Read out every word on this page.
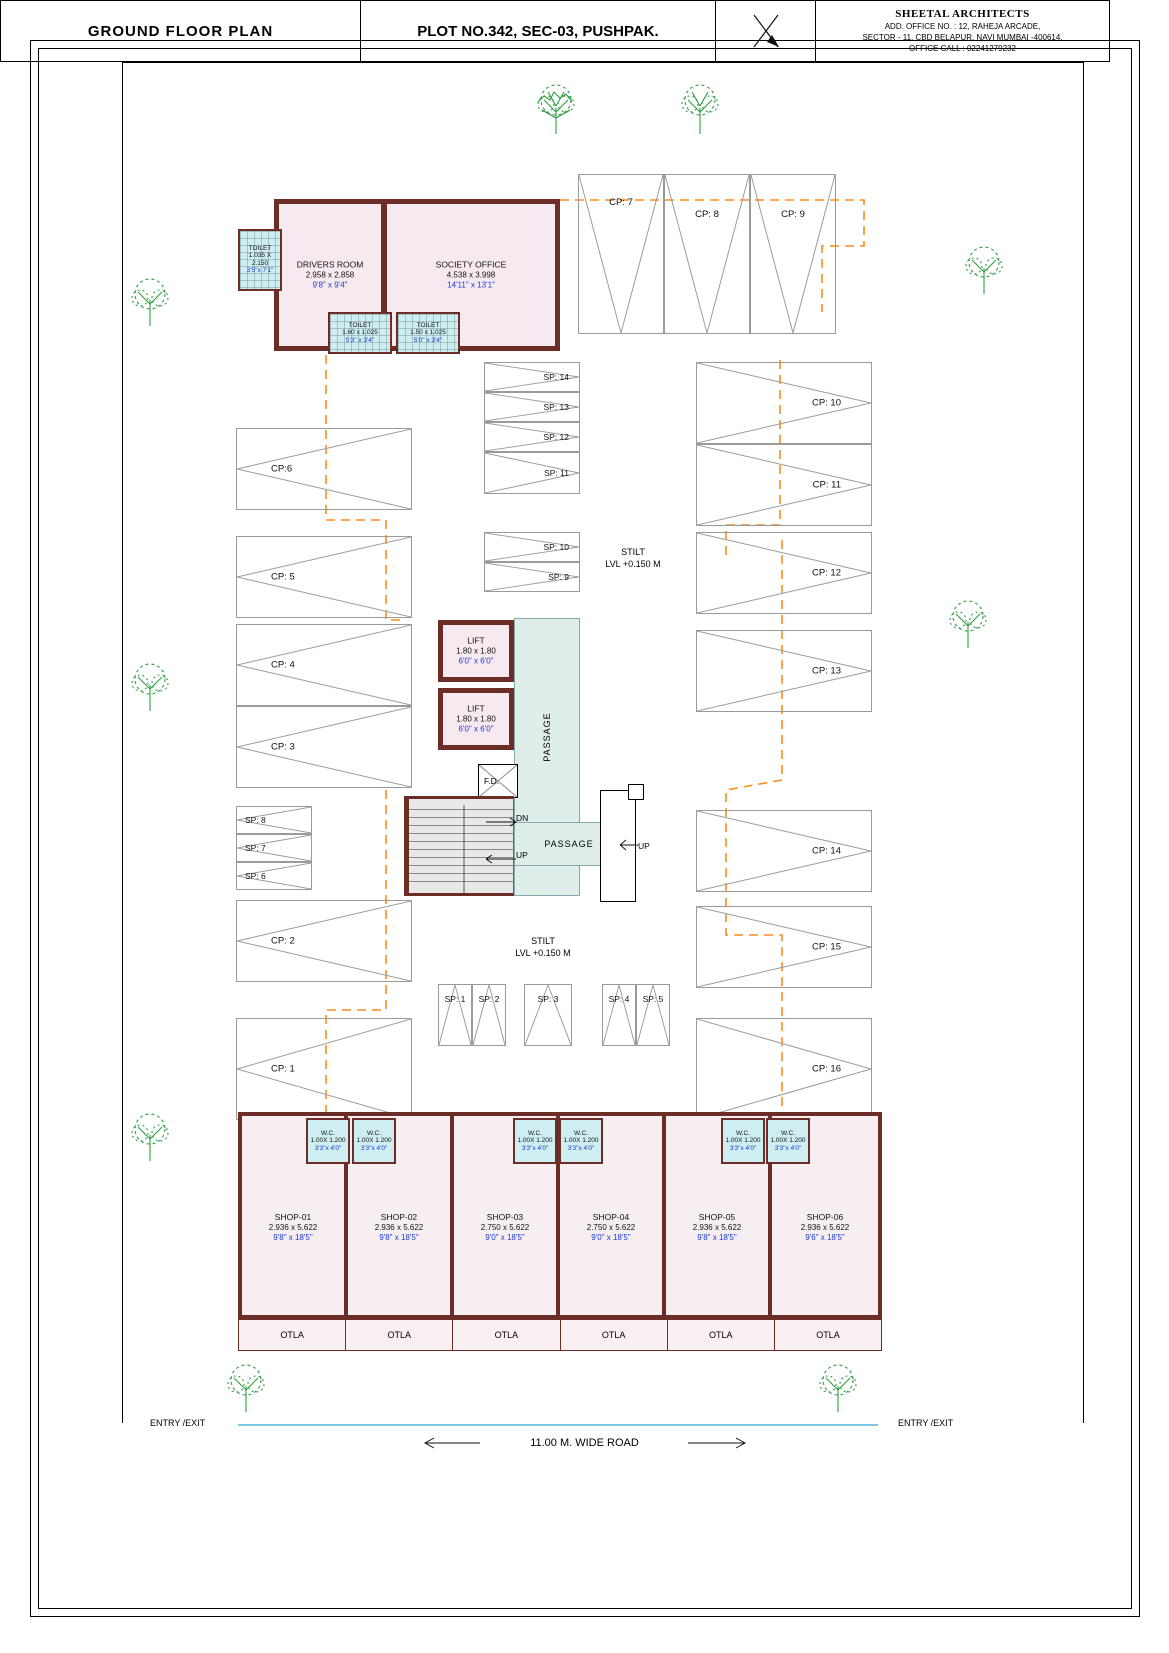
DRIVERS ROOM
2.958 x 2.858
9'8" x 9'4"
SOCIETY OFFICE
4.538 x 3.998
14'11" x 13'1"
TOILET
1.035 X 2.150
3'5"x 7'1"
TOILET
1.60 x 1.025
5'3" x 3'4"
TOILET
1.50 x 1.025
5'0" x 3'4"
CP: 7
CP: 8	CP: 9
CP:6
CP: 5
CP: 4
CP: 3
CP: 2
CP: 1
SP: 8
SP: 7
SP: 6
SP: 14
SP: 13
SP: 12
SP: 11
SP: 10
SP: 9
CP: 10
CP: 11
CP: 12
CP: 13
CP: 14
CP: 15
CP: 16
SP: 1	SP: 2	SP: 3	SP: 4	SP: 5
STILT
LVL +0.150 M
STILT
LVL +0.150 M
LIFT
1.80 x 1.80
6'0" x 6'0"
LIFT
1.80 x 1.80
6'0" x 6'0"	PASSAGE
PASSAGE
F.D.
DN
UP
UP
SHOP-01
2.936 x 5.622
9'8" x 18'5"
SHOP-02
2.936 x 5.622
9'8" x 18'5"
SHOP-03
2.750 x 5.622
9'0" x 18'5"
SHOP-04
2.750 x 5.622
9'0" x 18'5"
SHOP-05
2.936 x 5.622
9'8" x 18'5"
SHOP-06
2.936 x 5.622
9'6" x 18'5"
W.C.
1.00X 1.200
3'3"x 4'0"
W.C.
1.00X 1.200
3'3"x 4'0"
W.C.
1.00X 1.200
3'3"x 4'0"
W.C.
1.00X 1.200
3'3"x 4'0"
W.C.
1.00X 1.200
3'3"x 4'0"
W.C.
1.00X 1.200
3'3"x 4'0"
OTLA	OTLA	OTLA	OTLA	OTLA	OTLA
ENTRY /EXIT	ENTRY /EXIT
11.00 M. WIDE ROAD
GROUND FLOOR PLAN	PLOT NO.342, SEC-03, PUSHPAK.
SHEETAL ARCHITECTS
ADD. OFFICE NO. : 12, RAHEJA ARCADE,
SECTOR - 11, CBD BELAPUR, NAVI MUMBAI -400614.
OFFICE CALL : 02241279232
